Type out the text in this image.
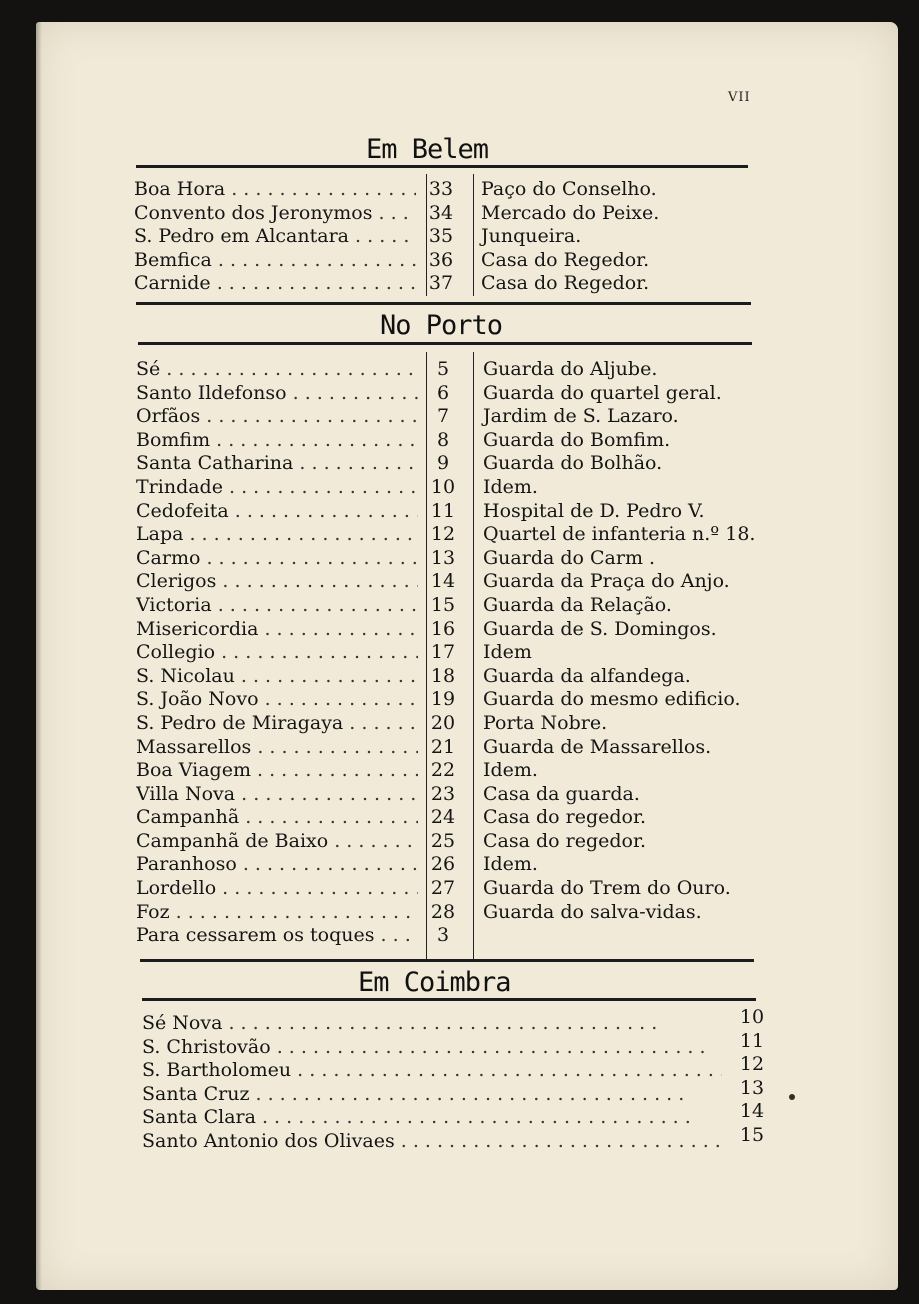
VII
Em Belem
Boa Hora . . .	33	Paço do Conselho.
Convento dos Jeronymos . . .	34	Mercado do Peixe.
S. Pedro em Alcantara . . .	35	Junqueira.
Bemfica . . .	36	Casa do Regedor.
Carnide . . .	37	Casa do Regedor.
No Porto
Sé . . .	5	Guarda do Aljube.
Santo Ildefonso . . .	6	Guarda do quartel geral.
Orfãos . . .	7	Jardim de S. Lazaro.
Bomfim . . .	8	Guarda do Bomfim.
Santa Catharina . . .	9	Guarda do Bolhão.
Trindade . . .	10	Idem.
Cedofeita . . .	11	Hospital de D. Pedro V.
Lapa . . .	12	Quartel de infanteria n.º 18.
Carmo . . .	13	Guarda do Carm .
Clerigos . . .	14	Guarda da Praça do Anjo.
Victoria . . .	15	Guarda da Relação.
Misericordia . . .	16	Guarda de S. Domingos.
Collegio . . .	17	Idem
S. Nicolau . . .	18	Guarda da alfandega.
S. João Novo . . .	19	Guarda do mesmo edificio.
S. Pedro de Miragaya . . .	20	Porta Nobre.
Massarellos . . .	21	Guarda de Massarellos.
Boa Viagem . . .	22	Idem.
Villa Nova . . .	23	Casa da guarda.
Campanhã . . .	24	Casa do regedor.
Campanhã de Baixo . . .	25	Casa do regedor.
Paranhoso . . .	26	Idem.
Lordello . . .	27	Guarda do Trem do Ouro.
Foz . . .	28	Guarda do salva-vidas.
Para cessarem os toques . . .	3
Em Coimbra
Sé Nova . . .	10
S. Christovão . . .	11
S. Bartholomeu . . .	12
Santa Cruz . . .	13
Santa Clara . . .	14
Santo Antonio dos Olivaes . . .	15
